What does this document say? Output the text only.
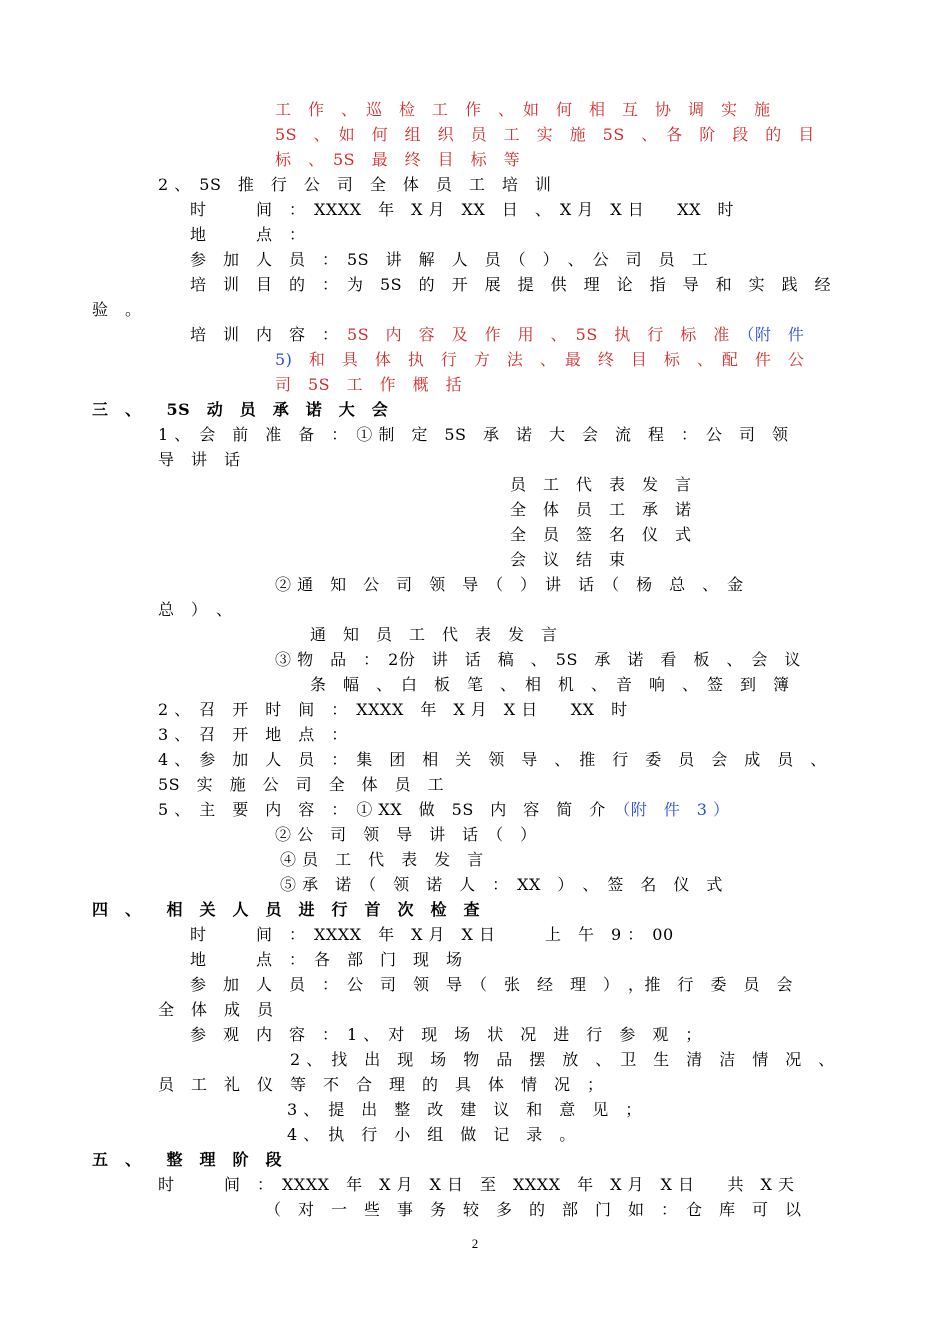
工　作　、　巡　检　工　作　、　如　何　相　互　协　调　实　施

5S　、　如　何　组　织　员　工　实　施　5S　、　各　阶　段　的　目

标　、　5S　最　终　目　标　等

2 、　5S　推　行　公　司　全　体　员　工　培　训

时　　　间　：　XXXX　年　X 月　XX　日　、　X 月　X 日　　XX　时

地　　　点　：

参　加　人　员　：　5S　讲　解　人　员　（　）　、　公　司　员　工

培　训　目　的　：　为　5S　的　开　展　提　供　理　论　指　导　和　实　践　经

验　。

培　训　内　容　：　5S　内　容　及　作　用　、　5S　执　行　标　准　（附　件

5)　和　具　体　执　行　方　法　、　最　终　目　标　、　配　件　公

司　5S　工　作　概　括

三　、　　5S　动　员　承　诺　大　会

1 、　会　前　准　备　：　① 制　定　5S　承　诺　大　会　流　程　：　公　司　领

导　讲　话

员　工　代　表　发　言

全　体　员　工　承　诺

全　员　签　名　仪　式

会　议　结　束

② 通　知　公　司　领　导　（　）　讲　话　（　杨　总　、　金

总　）　、

通　知　员　工　代　表　发　言

③ 物　品　：　2份　讲　话　稿　、　5S　承　诺　看　板　、　会　议

条　幅　、　白　板　笔　、　相　机　、　音　响　、　签　到　簿

2 、　召　开　时　间　：　XXXX　年　X 月　X 日　　XX　时

3 、　召　开　地　点　：

4 、　参　加　人　员　：　集　团　相　关　领　导　、　推　行　委　员　会　成　员　、

5S　实　施　公　司　全　体　员　工

5 、　主　要　内　容　：　① XX　做　5S　内　容　简　介　（附　件　3 ）

② 公　司　领　导　讲　话　（　）

④ 员　工　代　表　发　言

⑤ 承　诺　（　领　诺　人　：　XX　）　、　签　名　仪　式

四　、　　相　关　人　员　进　行　首　次　检　查

时　　　间　：　XXXX　年　X 月　X 日　　　上　午　9 ：　00

地　　　点　：　各　部　门　现　场

参　加　人　员　：　公　司　领　导　（　张　经　理　）　，推　行　委　员　会

全　体　成　员

参　观　内　容　：　1 、　对　现　场　状　况　进　行　参　观　；

2 、　找　出　现　场　物　品　摆　放　、　卫　生　清　洁　情　况　、

员　工　礼　仪　等　不　合　理　的　具　体　情　况　；

3 、　提　出　整　改　建　议　和　意　见　；

4 、　执　行　小　组　做　记　录　。

五　、　　整　理　阶　段

时　　　间　：　XXXX　年　X 月　X 日　至　XXXX　年　X 月　X 日　　共　X 天

（　对　一　些　事　务　较　多　的　部　门　如　：　仓　库　可　以

2
